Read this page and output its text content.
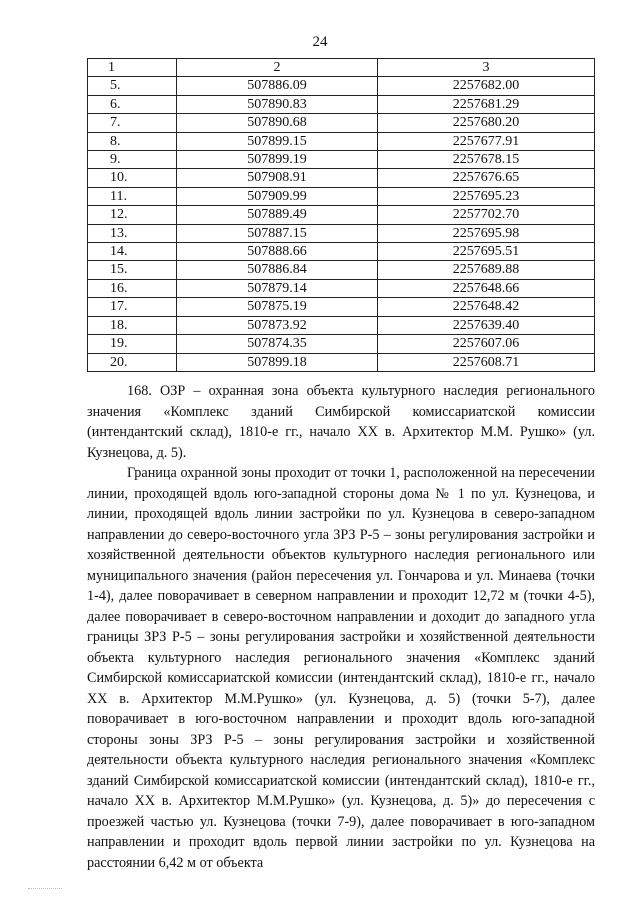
24
1	2	3
5.	507886.09	2257682.00
6.	507890.83	2257681.29
7.	507890.68	2257680.20
8.	507899.15	2257677.91
9.	507899.19	2257678.15
10.	507908.91	2257676.65
11.	507909.99	2257695.23
12.	507889.49	2257702.70
13.	507887.15	2257695.98
14.	507888.66	2257695.51
15.	507886.84	2257689.88
16.	507879.14	2257648.66
17.	507875.19	2257648.42
18.	507873.92	2257639.40
19.	507874.35	2257607.06
20.	507899.18	2257608.71

168. ОЗР – охранная зона объекта культурного наследия регионального значения «Комплекс зданий Симбирской комиссариатской комиссии (интендантский склад), 1810-е гг., начало XX в. Архитектор М.М. Рушко» (ул. Кузнецова, д. 5).

Граница охранной зоны проходит от точки 1, расположенной на пересечении линии, проходящей вдоль юго-западной стороны дома № 1 по ул. Кузнецова, и линии, проходящей вдоль линии застройки по ул. Кузнецова в северо-западном направлении до северо-восточного угла ЗРЗ Р-5 – зоны регулирования застройки и хозяйственной деятельности объектов культурного наследия регионального или муниципального значения (район пересечения ул. Гончарова и ул. Минаева (точки 1-4), далее поворачивает в северном направлении и проходит 12,72 м (точки 4-5), далее поворачивает в северо-восточном направлении и доходит до западного угла границы ЗРЗ Р-5 – зоны регулирования застройки и хозяйственной деятельности объекта культурного наследия регионального значения «Комплекс зданий Симбирской комиссариатской комиссии (интендантский склад), 1810-е гг., начало XX в. Архитектор М.М.Рушко» (ул. Кузнецова, д. 5) (точки 5-7), далее поворачивает в юго-восточном направлении и проходит вдоль юго-западной стороны зоны ЗРЗ Р-5 – зоны регулирования застройки и хозяйственной деятельности объекта культурного наследия регионального значения «Комплекс зданий Симбирской комиссариатской комиссии (интендантский склад), 1810-е гг., начало XX в. Архитектор М.М.Рушко» (ул. Кузнецова, д. 5)» до пересечения с проезжей частью ул. Кузнецова (точки 7-9), далее поворачивает в юго-западном направлении и проходит вдоль первой линии застройки по ул. Кузнецова на расстоянии 6,42 м от объекта
